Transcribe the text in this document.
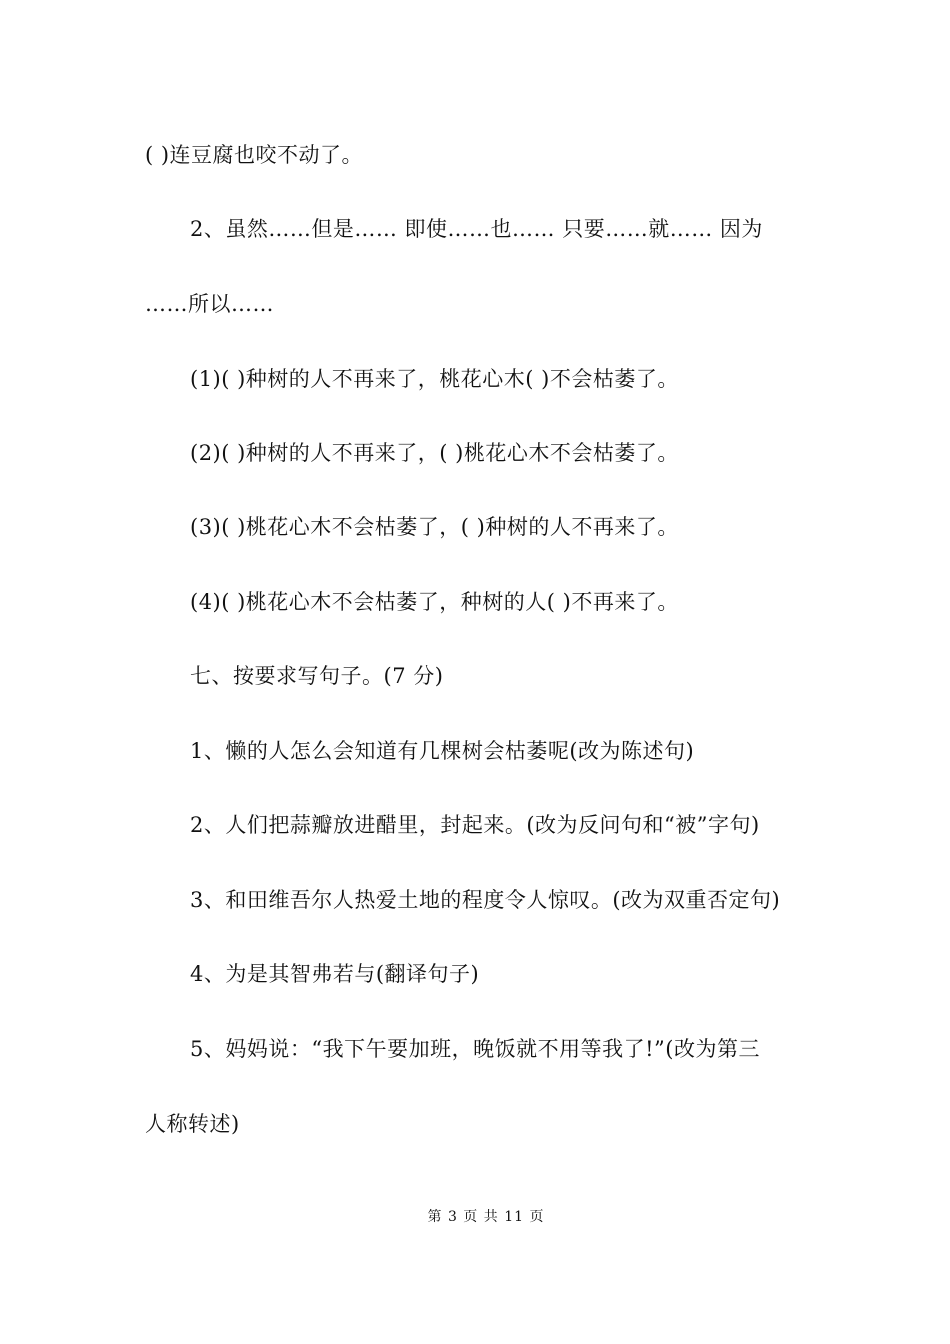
( )连豆腐也咬不动了。
2、虽然……但是…… 即使……也…… 只要……就…… 因为
……所以……
(1)( )种树的人不再来了，桃花心木( )不会枯萎了。
(2)( )种树的人不再来了，( )桃花心木不会枯萎了。
(3)( )桃花心木不会枯萎了，( )种树的人不再来了。
(4)( )桃花心木不会枯萎了，种树的人( )不再来了。
七、按要求写句子。(7 分)
1、懒的人怎么会知道有几棵树会枯萎呢(改为陈述句)
2、人们把蒜瓣放进醋里，封起来。(改为反问句和“被”字句)
3、和田维吾尔人热爱土地的程度令人惊叹。(改为双重否定句)
4、为是其智弗若与(翻译句子)
5、妈妈说：“我下午要加班，晚饭就不用等我了!”(改为第三
人称转述)
第 3 页 共 11 页
